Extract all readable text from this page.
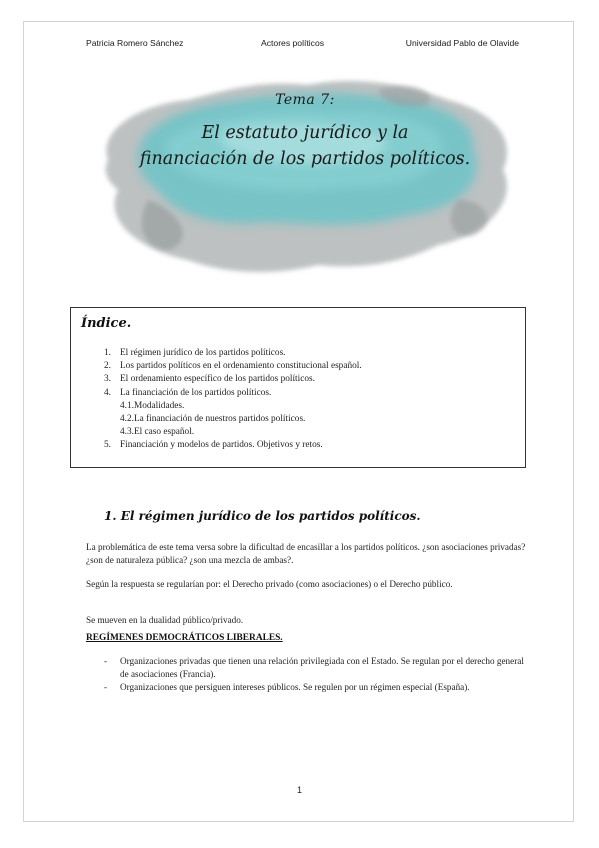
Patricia Romero Sánchez	Actores políticos	Universidad Pablo de Olavide
Tema 7:
El estatuto jurídico y la
financiación de los partidos políticos.
Índice.
1. El régimen jurídico de los partidos políticos.
2. Los partidos políticos en el ordenamiento constitucional español.
3. El ordenamiento específico de los partidos políticos.
4. La financiación de los partidos políticos.
4.1.Modalidades.
4.2.La financiación de nuestros partidos políticos.
4.3.El caso español.
5. Financiación y modelos de partidos. Objetivos y retos.
1. El régimen jurídico de los partidos políticos.
La problemática de este tema versa sobre la dificultad de encasillar a los partidos políticos. ¿son asociaciones privadas? ¿son de naturaleza pública? ¿son una mezcla de ambas?.
Según la respuesta se regularían por: el Derecho privado (como asociaciones) o el Derecho público.
Se mueven en la dualidad público/privado.
REGÍMENES DEMOCRÁTICOS LIBERALES.
- Organizaciones privadas que tienen una relación privilegiada con el Estado. Se regulan por el derecho general de asociaciones (Francia).
- Organizaciones que persiguen intereses públicos. Se regulen por un régimen especial (España).
1
